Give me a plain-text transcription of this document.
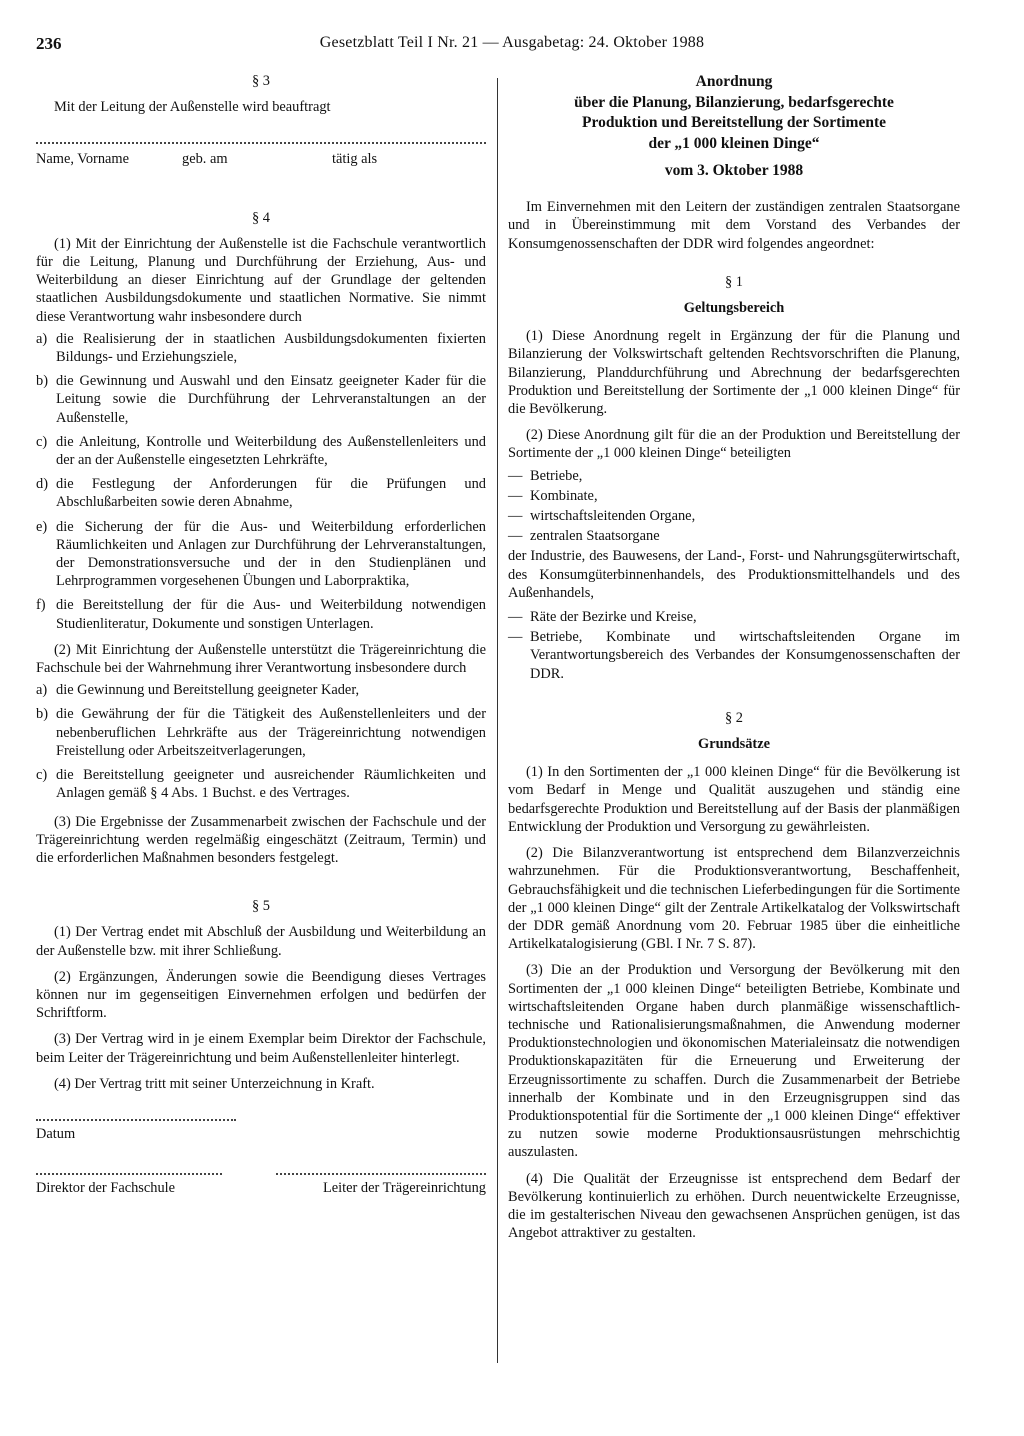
236	Gesetzblatt Teil I Nr. 21 — Ausgabetag: 24. Oktober 1988

§ 3

Mit der Leitung der Außenstelle wird beauftragt

Name, Vorname	geb. am	tätig als

§ 4

(1) Mit der Einrichtung der Außenstelle ist die Fachschule verantwortlich für die Leitung, Planung und Durchführung der Erziehung, Aus- und Weiterbildung an dieser Einrichtung auf der Grundlage der geltenden staatlichen Ausbildungsdokumente und staatlichen Normative. Sie nimmt diese Verantwortung wahr insbesondere durch

a) die Realisierung der in staatlichen Ausbildungsdokumenten fixierten Bildungs- und Erziehungsziele,
b) die Gewinnung und Auswahl und den Einsatz geeigneter Kader für die Leitung sowie die Durchführung der Lehrveranstaltungen an der Außenstelle,
c) die Anleitung, Kontrolle und Weiterbildung des Außenstellenleiters und der an der Außenstelle eingesetzten Lehrkräfte,
d) die Festlegung der Anforderungen für die Prüfungen und Abschlußarbeiten sowie deren Abnahme,
e) die Sicherung der für die Aus- und Weiterbildung erforderlichen Räumlichkeiten und Anlagen zur Durchführung der Lehrveranstaltungen, der Demonstrationsversuche und der in den Studienplänen und Lehrprogrammen vorgesehenen Übungen und Laborpraktika,
f) die Bereitstellung der für die Aus- und Weiterbildung notwendigen Studienliteratur, Dokumente und sonstigen Unterlagen.

(2) Mit Einrichtung der Außenstelle unterstützt die Trägereinrichtung die Fachschule bei der Wahrnehmung ihrer Verantwortung insbesondere durch

a) die Gewinnung und Bereitstellung geeigneter Kader,
b) die Gewährung der für die Tätigkeit des Außenstellenleiters und der nebenberuflichen Lehrkräfte aus der Trägereinrichtung notwendigen Freistellung oder Arbeitszeitverlagerungen,
c) die Bereitstellung geeigneter und ausreichender Räumlichkeiten und Anlagen gemäß § 4 Abs. 1 Buchst. e des Vertrages.

(3) Die Ergebnisse der Zusammenarbeit zwischen der Fachschule und der Trägereinrichtung werden regelmäßig eingeschätzt (Zeitraum, Termin) und die erforderlichen Maßnahmen besonders festgelegt.

§ 5

(1) Der Vertrag endet mit Abschluß der Ausbildung und Weiterbildung an der Außenstelle bzw. mit ihrer Schließung.

(2) Ergänzungen, Änderungen sowie die Beendigung dieses Vertrages können nur im gegenseitigen Einvernehmen erfolgen und bedürfen der Schriftform.

(3) Der Vertrag wird in je einem Exemplar beim Direktor der Fachschule, beim Leiter der Trägereinrichtung und beim Außenstellenleiter hinterlegt.

(4) Der Vertrag tritt mit seiner Unterzeichnung in Kraft.

Datum

Direktor der Fachschule	Leiter der Trägereinrichtung
Anordnung
über die Planung, Bilanzierung, bedarfsgerechte
Produktion und Bereitstellung der Sortimente
der „1 000 kleinen Dinge“

vom 3. Oktober 1988

Im Einvernehmen mit den Leitern der zuständigen zentralen Staatsorgane und in Übereinstimmung mit dem Vorstand des Verbandes der Konsumgenossenschaften der DDR wird folgendes angeordnet:

§ 1

Geltungsbereich

(1) Diese Anordnung regelt in Ergänzung der für die Planung und Bilanzierung der Volkswirtschaft geltenden Rechtsvorschriften die Planung, Bilanzierung, Planddurchführung und Abrechnung der bedarfsgerechten Produktion und Bereitstellung der Sortimente der „1 000 kleinen Dinge“ für die Bevölkerung.

(2) Diese Anordnung gilt für die an der Produktion und Bereitstellung der Sortimente der „1 000 kleinen Dinge“ beteiligten

— Betriebe,
— Kombinate,
— wirtschaftsleitenden Organe,
— zentralen Staatsorgane

der Industrie, des Bauwesens, der Land-, Forst- und Nahrungsgüterwirtschaft, des Konsumgüterbinnenhandels, des Produktionsmittelhandels und des Außenhandels,

— Räte der Bezirke und Kreise,
— Betriebe, Kombinate und wirtschaftsleitenden Organe im Verantwortungsbereich des Verbandes der Konsumgenossenschaften der DDR.

§ 2

Grundsätze

(1) In den Sortimenten der „1 000 kleinen Dinge“ für die Bevölkerung ist vom Bedarf in Menge und Qualität auszugehen und ständig eine bedarfsgerechte Produktion und Bereitstellung auf der Basis der planmäßigen Entwicklung der Produktion und Versorgung zu gewährleisten.

(2) Die Bilanzverantwortung ist entsprechend dem Bilanzverzeichnis wahrzunehmen. Für die Produktionsverantwortung, Beschaffenheit, Gebrauchsfähigkeit und die technischen Lieferbedingungen für die Sortimente der „1 000 kleinen Dinge“ gilt der Zentrale Artikelkatalog der Volkswirtschaft der DDR gemäß Anordnung vom 20. Februar 1985 über die einheitliche Artikelkatalogisierung (GBl. I Nr. 7 S. 87).

(3) Die an der Produktion und Versorgung der Bevölkerung mit den Sortimenten der „1 000 kleinen Dinge“ beteiligten Betriebe, Kombinate und wirtschaftsleitenden Organe haben durch planmäßige wissenschaftlich-technische und Rationalisierungsmaßnahmen, die Anwendung moderner Produktionstechnologien und ökonomischen Materialeinsatz die notwendigen Produktionskapazitäten für die Erneuerung und Erweiterung der Erzeugnissortimente zu schaffen. Durch die Zusammenarbeit der Betriebe innerhalb der Kombinate und in den Erzeugnisgruppen sind das Produktionspotential für die Sortimente der „1 000 kleinen Dinge“ effektiver zu nutzen sowie moderne Produktionsausrüstungen mehrschichtig auszulasten.

(4) Die Qualität der Erzeugnisse ist entsprechend dem Bedarf der Bevölkerung kontinuierlich zu erhöhen. Durch neuentwickelte Erzeugnisse, die im gestalterischen Niveau den gewachsenen Ansprüchen genügen, ist das Angebot attraktiver zu gestalten.
